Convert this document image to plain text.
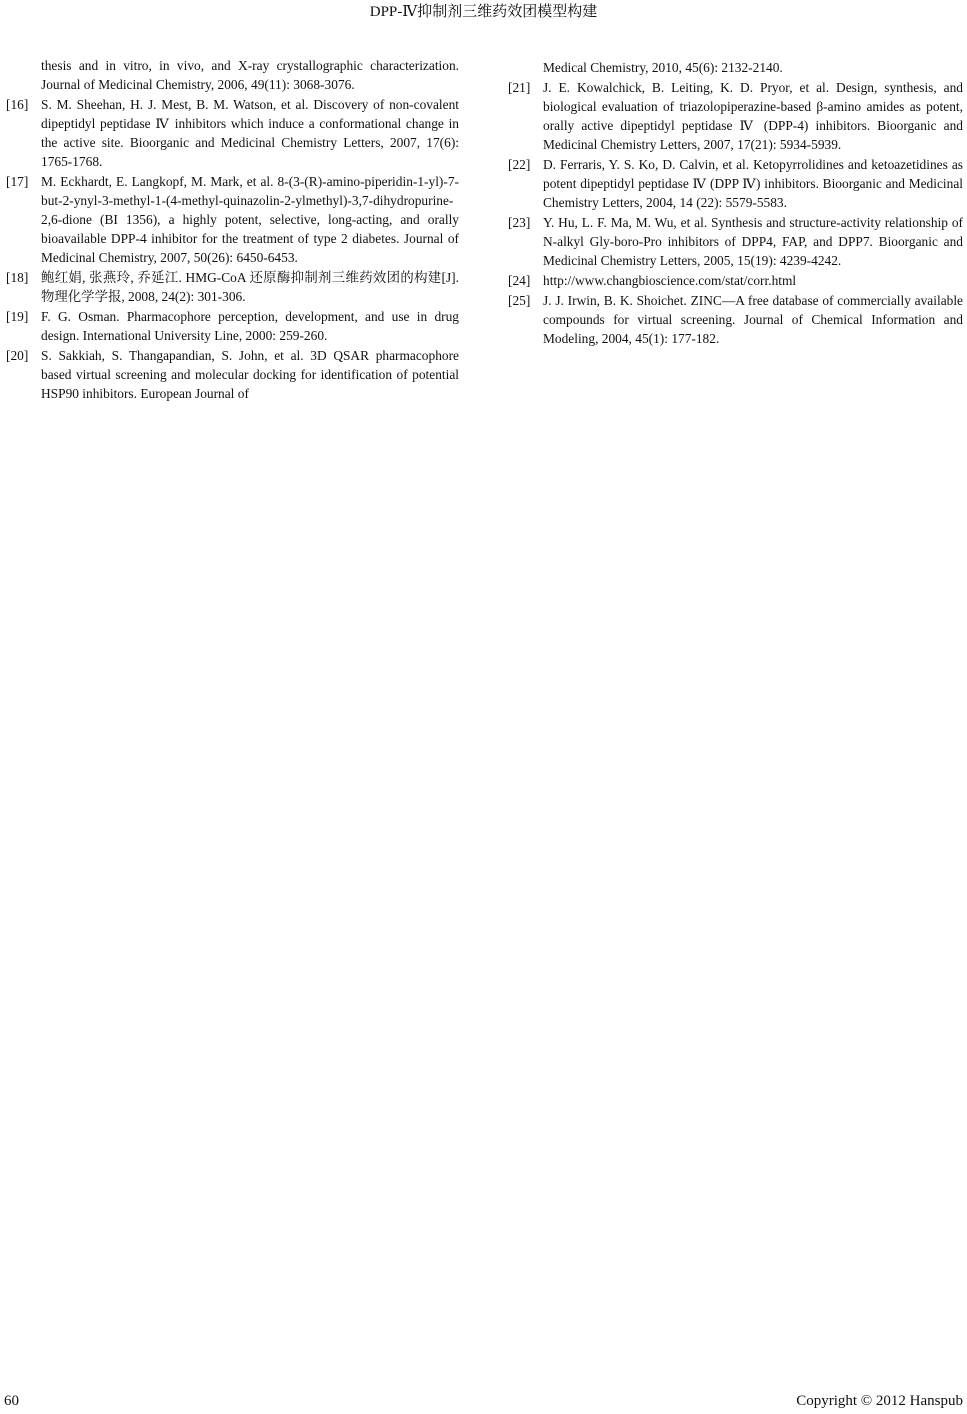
DPP-Ⅳ抑制剂三维药效团模型构建
thesis and in vitro, in vivo, and X-ray crystallographic characterization. Journal of Medicinal Chemistry, 2006, 49(11): 3068-3076.
[16] S. M. Sheehan, H. J. Mest, B. M. Watson, et al. Discovery of non-covalent dipeptidyl peptidase Ⅳ inhibitors which induce a conformational change in the active site. Bioorganic and Medicinal Chemistry Letters, 2007, 17(6): 1765-1768.
[17] M. Eckhardt, E. Langkopf, M. Mark, et al. 8-(3-(R)-amino-piperidin-1-yl)-7-but-2-ynyl-3-methyl-1-(4-methyl-quinazolin-2-ylmethyl)-3,7-dihydropurine-2,6-dione (BI 1356), a highly potent, selective, long-acting, and orally bioavailable DPP-4 inhibitor for the treatment of type 2 diabetes. Journal of Medicinal Chemistry, 2007, 50(26): 6450-6453.
[18] 鲍红娟, 张燕玲, 乔延江. HMG-CoA 还原酶抑制剂三维药效团的构建[J]. 物理化学学报, 2008, 24(2): 301-306.
[19] F. G. Osman. Pharmacophore perception, development, and use in drug design. International University Line, 2000: 259-260.
[20] S. Sakkiah, S. Thangapandian, S. John, et al. 3D QSAR pharmacophore based virtual screening and molecular docking for identification of potential HSP90 inhibitors. European Journal of
Medical Chemistry, 2010, 45(6): 2132-2140.
[21] J. E. Kowalchick, B. Leiting, K. D. Pryor, et al. Design, synthesis, and biological evaluation of triazolopiperazine-based β-amino amides as potent, orally active dipeptidyl peptidase Ⅳ (DPP-4) inhibitors. Bioorganic and Medicinal Chemistry Letters, 2007, 17(21): 5934-5939.
[22] D. Ferraris, Y. S. Ko, D. Calvin, et al. Ketopyrrolidines and ketoazetidines as potent dipeptidyl peptidase Ⅳ (DPP Ⅳ) inhibitors. Bioorganic and Medicinal Chemistry Letters, 2004, 14 (22): 5579-5583.
[23] Y. Hu, L. F. Ma, M. Wu, et al. Synthesis and structure-activity relationship of N-alkyl Gly-boro-Pro inhibitors of DPP4, FAP, and DPP7. Bioorganic and Medicinal Chemistry Letters, 2005, 15(19): 4239-4242.
[24] http://www.changbioscience.com/stat/corr.html
[25] J. J. Irwin, B. K. Shoichet. ZINC—A free database of commercially available compounds for virtual screening. Journal of Chemical Information and Modeling, 2004, 45(1): 177-182.
60	Copyright © 2012 Hanspub
